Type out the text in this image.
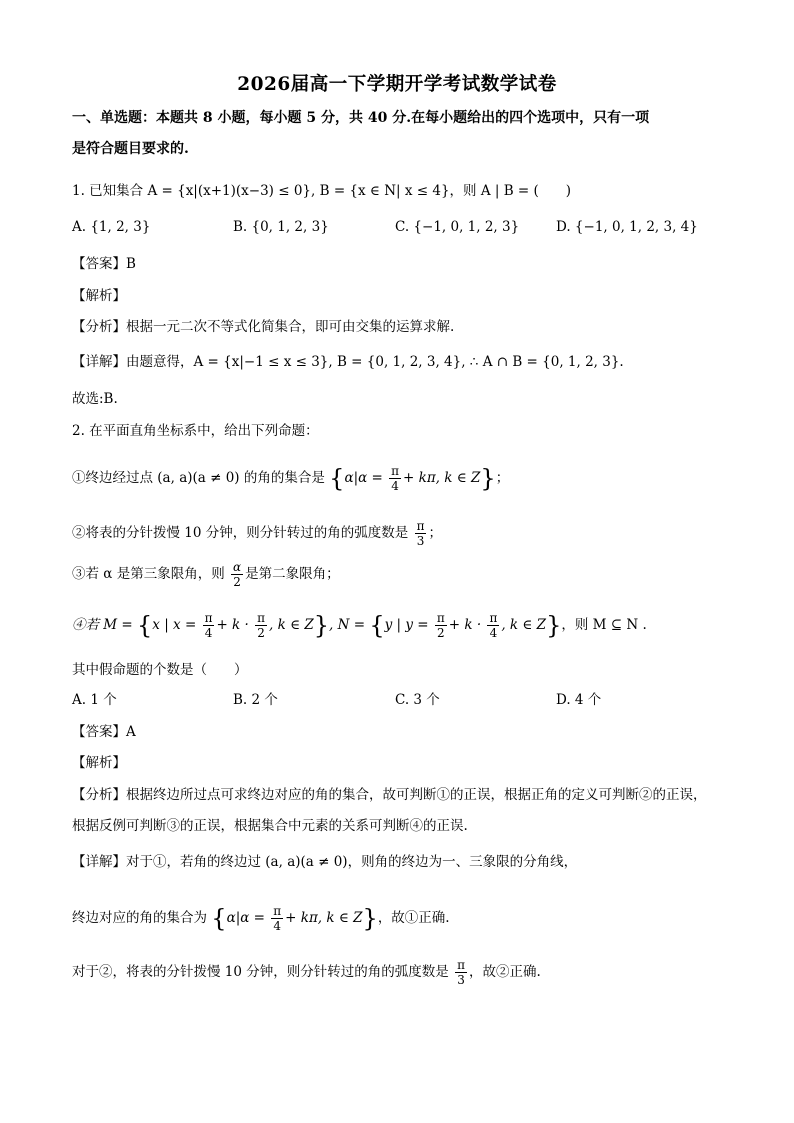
2026届高一下学期开学考试数学试卷
一、单选题：本题共 8 小题，每小题 5 分，共 40 分.在每小题给出的四个选项中，只有一项
是符合题目要求的.
1. 已知集合 A = {x|(x+1)(x−3) ≤ 0}, B = {x ∈ N| x ≤ 4}，则 A | B = (　　)
A. {1, 2, 3}	B. {0, 1, 2, 3}	C. {−1, 0, 1, 2, 3}	D. {−1, 0, 1, 2, 3, 4}
【答案】B
【解析】
【分析】根据一元二次不等式化简集合，即可由交集的运算求解.
【详解】由题意得，A = {x|−1 ≤ x ≤ 3}, B = {0, 1, 2, 3, 4}, ∴ A ∩ B = {0, 1, 2, 3}.
故选:B.
2. 在平面直角坐标系中，给出下列命题：
①终边经过点 (a, a)(a ≠ 0) 的角的集合是 {$\alpha|\alpha = \frac{\pi}{4} + k\pi$, k ∈ Z}；
②将表的分针拨慢 10 分钟，则分针转过的角的弧度数是 $\frac{\pi}{3}$ ；
③若 α 是第三象限角，则 $\frac{\alpha}{2}$ 是第二象限角；
④若 M = {x | $x = \frac{\pi}{4} + k \cdot \frac{\pi}{2}$ , k ∈ Z}, N = {y | $y = \frac{\pi}{2} + k \cdot \frac{\pi}{4}$ , k ∈ Z}，则 M ⊆ N .
其中假命题的个数是（　　）
A. 1 个	B. 2 个	C. 3 个	D. 4 个
【答案】A
【解析】
【分析】根据终边所过点可求终边对应的角的集合，故可判断①的正误，根据正角的定义可判断②的正误，
根据反例可判断③的正误，根据集合中元素的关系可判断④的正误.
【详解】对于①，若角的终边过 (a, a)(a ≠ 0)，则角的终边为一、三象限的分角线，
终边对应的角的集合为 {$\alpha|\alpha = \frac{\pi}{4} + k\pi$, k ∈ Z}，故①正确.
对于②，将表的分针拨慢 10 分钟，则分针转过的角的弧度数是 $\frac{\pi}{3}$ ，故②正确.
